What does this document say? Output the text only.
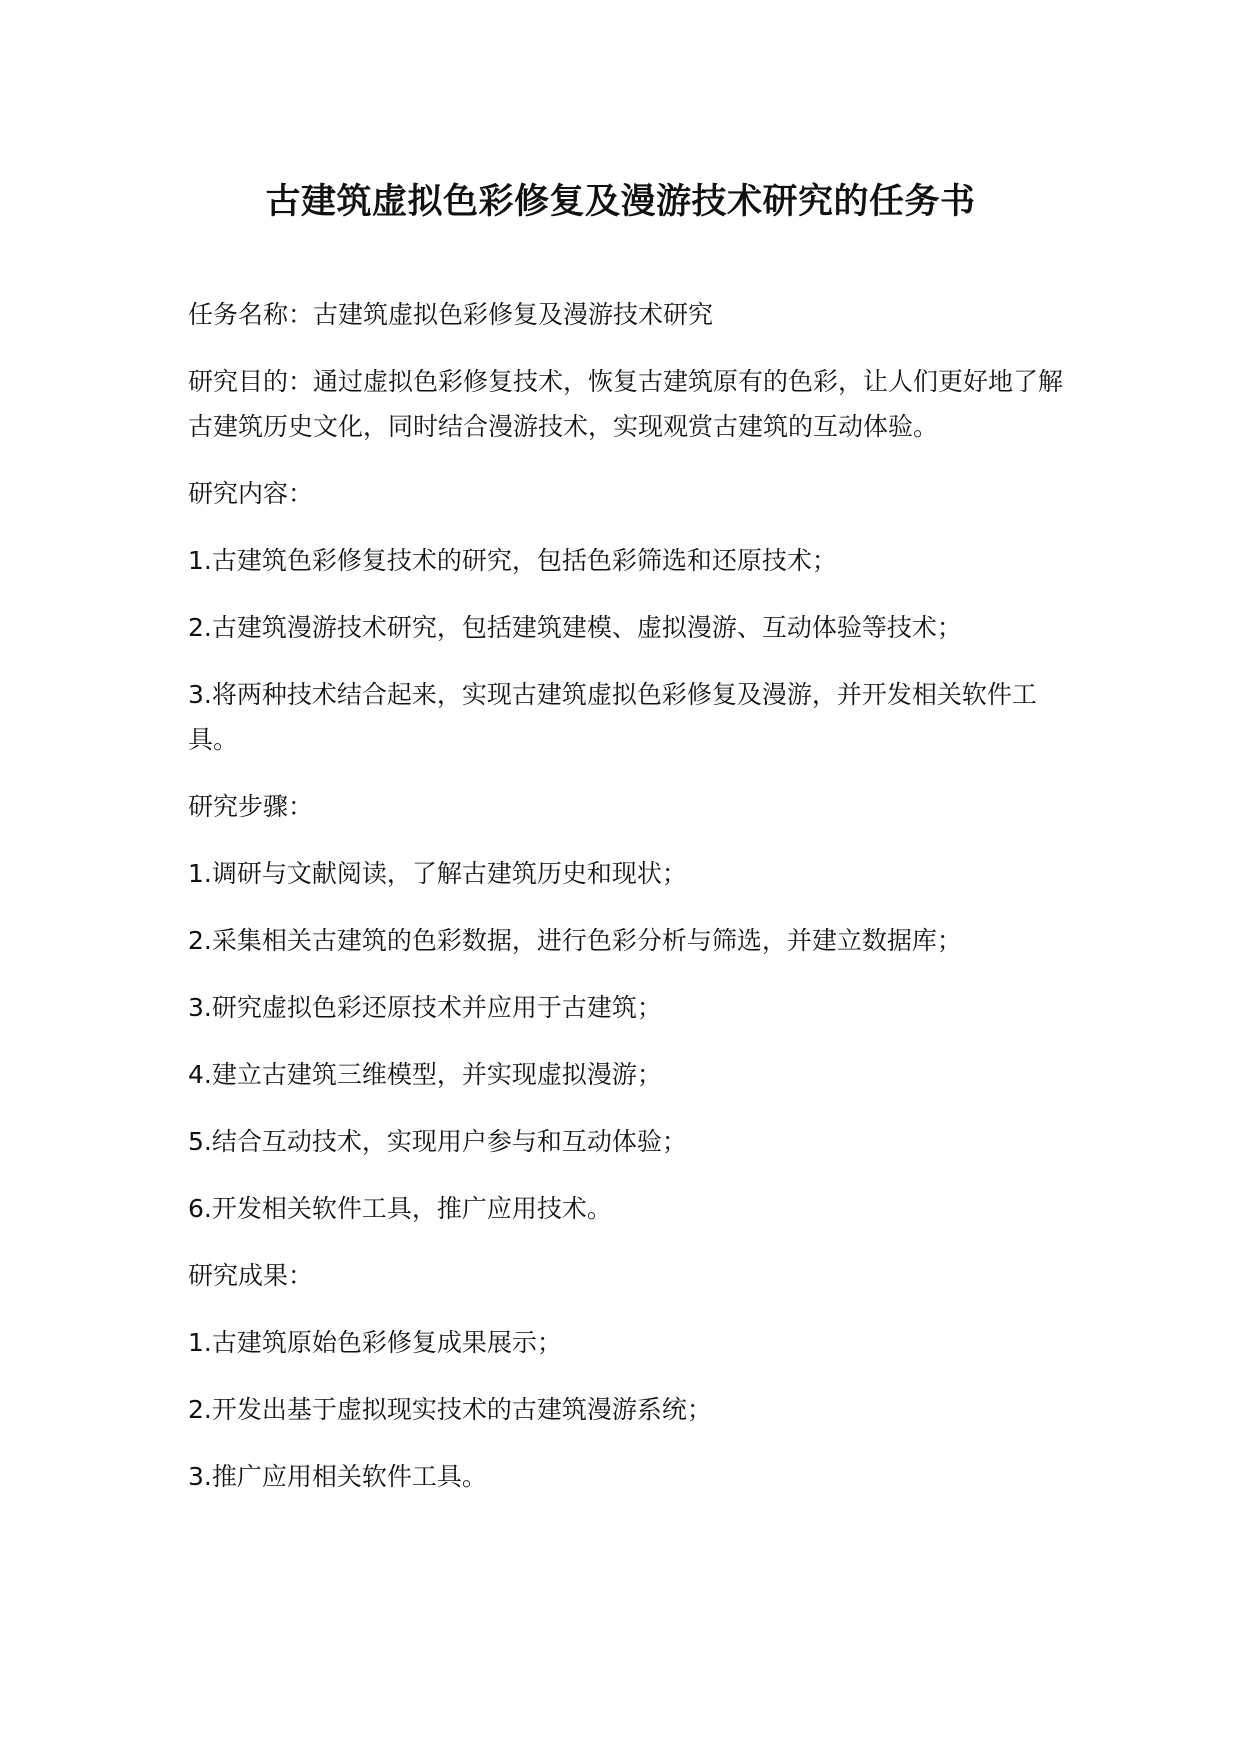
古建筑虚拟色彩修复及漫游技术研究的任务书

任务名称：古建筑虚拟色彩修复及漫游技术研究

研究目的：通过虚拟色彩修复技术，恢复古建筑原有的色彩，让人们更好地了解古建筑历史文化，同时结合漫游技术，实现观赏古建筑的互动体验。

研究内容：

1.古建筑色彩修复技术的研究，包括色彩筛选和还原技术；

2.古建筑漫游技术研究，包括建筑建模、虚拟漫游、互动体验等技术；

3.将两种技术结合起来，实现古建筑虚拟色彩修复及漫游，并开发相关软件工具。

研究步骤：

1.调研与文献阅读，了解古建筑历史和现状；

2.采集相关古建筑的色彩数据，进行色彩分析与筛选，并建立数据库；

3.研究虚拟色彩还原技术并应用于古建筑；

4.建立古建筑三维模型，并实现虚拟漫游；

5.结合互动技术，实现用户参与和互动体验；

6.开发相关软件工具，推广应用技术。

研究成果：

1.古建筑原始色彩修复成果展示；

2.开发出基于虚拟现实技术的古建筑漫游系统；

3.推广应用相关软件工具。
